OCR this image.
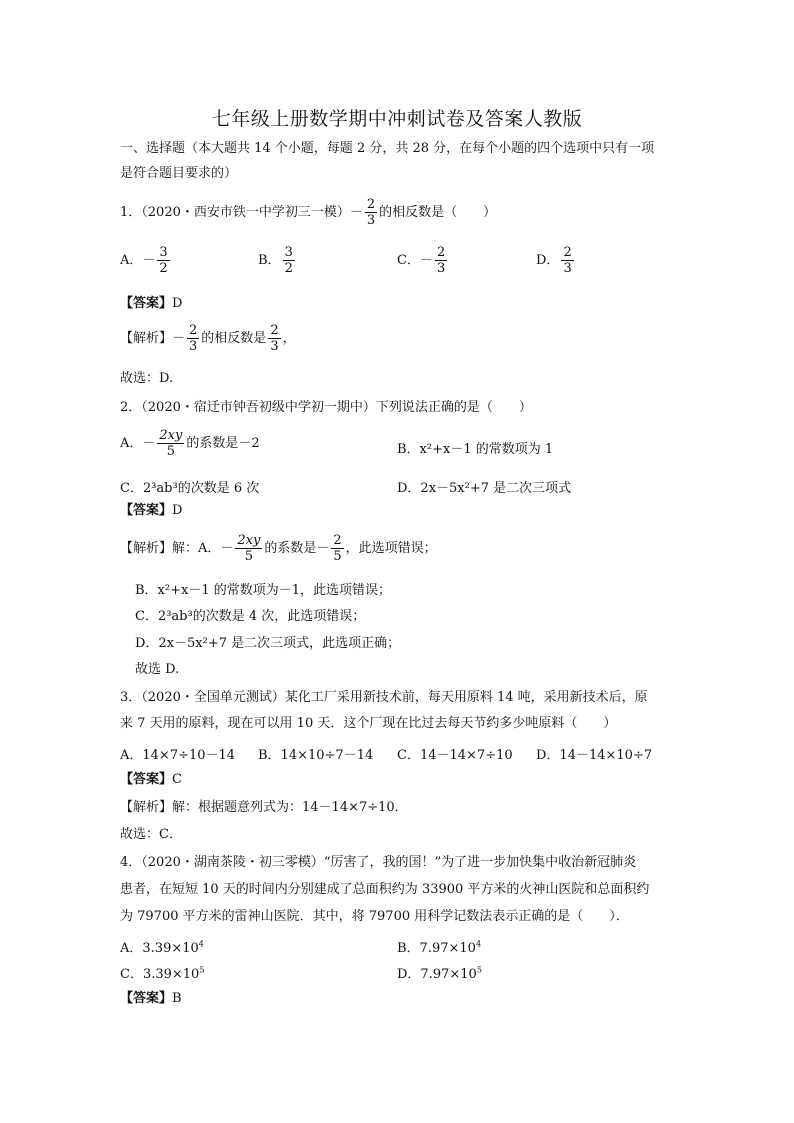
七年级上册数学期中冲刺试卷及答案人教版
一、选择题（本大题共 14 个小题，每题 2 分，共 28 分，在每个小题的四个选项中只有一项
是符合题目要求的）
1．（2020・西安市铁一中学初三一模）－ $\frac{2}{3}$ 的相反数是（　　）
A．－ $\frac{3}{2}$	B． $\frac{3}{2}$	C．－ $\frac{2}{3}$	D． $\frac{2}{3}$
【答案】D
【解析】－ $\frac{2}{3}$ 的相反数是 $\frac{2}{3}$ ，
故选：D.
2．（2020・宿迁市钟吾初级中学初一期中）下列说法正确的是（　　）
A．－ $\frac{2xy}{5}$ 的系数是－2	B．x²+x－1 的常数项为 1
C．2³ab³的次数是 6 次	D．2x－5x²+7 是二次三项式
【答案】D
【解析】解：A．－ $\frac{2xy}{5}$ 的系数是－ $\frac{2}{5}$ ，此选项错误；
B．x²+x－1 的常数项为－1，此选项错误；
C．2³ab³的次数是 4 次，此选项错误；
D．2x－5x²+7 是二次三项式，此选项正确；
故选 D.
3．（2020・全国单元测试）某化工厂采用新技术前，每天用原料 14 吨，采用新技术后，原
来 7 天用的原料，现在可以用 10 天．这个厂现在比过去每天节约多少吨原料（　　）
A．14×7÷10－14 B．14×10÷7－14 C．14－14×7÷10 D．14－14×10÷7
【答案】C
【解析】解：根据题意列式为：14－14×7÷10．
故选：C．
4．（2020・湖南茶陵・初三零模）“厉害了，我的国！”为了进一步加快集中收治新冠肺炎
患者，在短短 10 天的时间内分别建成了总面积约为 33900 平方米的火神山医院和总面积约
为 79700 平方米的雷神山医院．其中，将 79700 用科学记数法表示正确的是（　　）．
A．$3.39\times 10^4$	B．$7.97\times 10^4$
C．$3.39\times 10^5$	D．$7.97\times 10^5$
【答案】B
